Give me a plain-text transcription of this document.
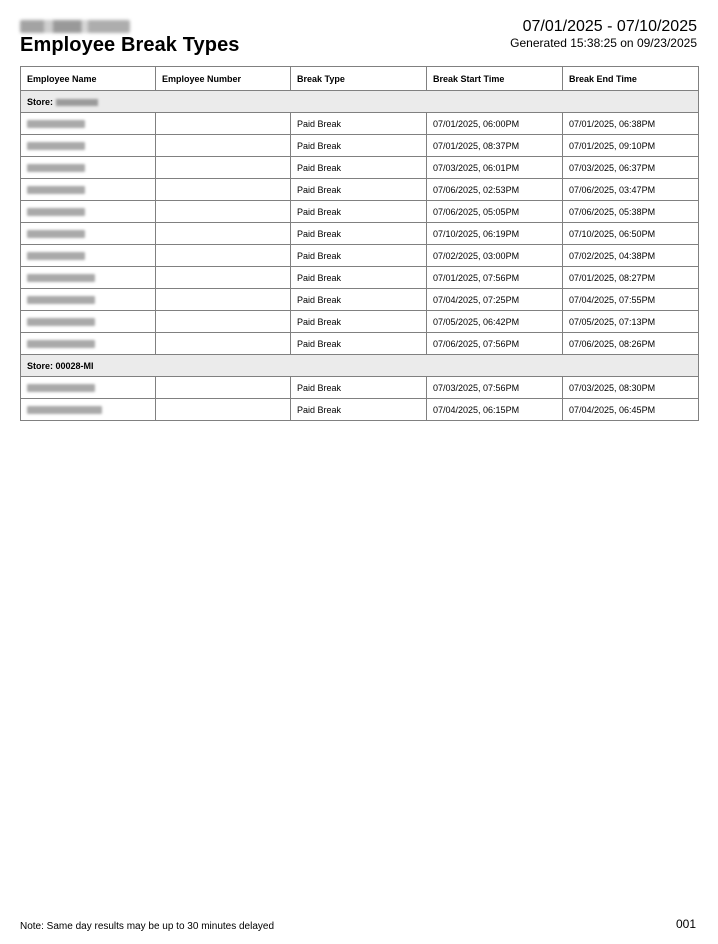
Employee Break Types
07/01/2025 - 07/10/2025
Generated 15:38:25 on 09/23/2025
Employee Name	Employee Number	Break Type	Break Start Time	Break End Time
Store:				
		Paid Break	07/01/2025, 06:00PM	07/01/2025, 06:38PM
		Paid Break	07/01/2025, 08:37PM	07/01/2025, 09:10PM
		Paid Break	07/03/2025, 06:01PM	07/03/2025, 06:37PM
		Paid Break	07/06/2025, 02:53PM	07/06/2025, 03:47PM
		Paid Break	07/06/2025, 05:05PM	07/06/2025, 05:38PM
		Paid Break	07/10/2025, 06:19PM	07/10/2025, 06:50PM
		Paid Break	07/02/2025, 03:00PM	07/02/2025, 04:38PM
		Paid Break	07/01/2025, 07:56PM	07/01/2025, 08:27PM
		Paid Break	07/04/2025, 07:25PM	07/04/2025, 07:55PM
		Paid Break	07/05/2025, 06:42PM	07/05/2025, 07:13PM
		Paid Break	07/06/2025, 07:56PM	07/06/2025, 08:26PM
Store: 00028-MI				
		Paid Break	07/03/2025, 07:56PM	07/03/2025, 08:30PM
		Paid Break	07/04/2025, 06:15PM	07/04/2025, 06:45PM
Note: Same day results may be up to 30 minutes delayed	001
